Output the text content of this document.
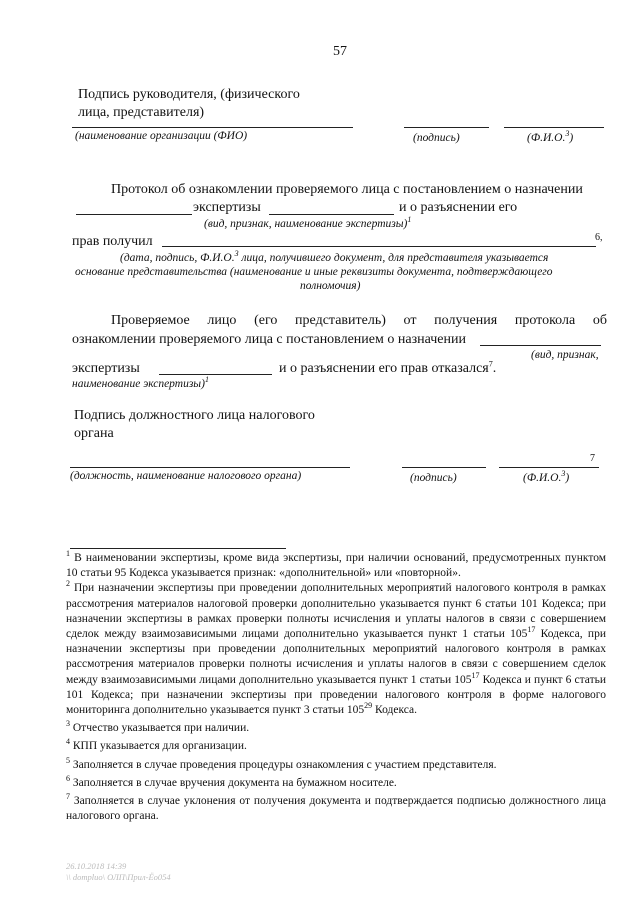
57
Подпись руководителя, (физического
лица, представителя)
(наименование организации (ФИО)	(подпись)	(Ф.И.О.$^3$)
Протокол об ознакомлении проверяемого лица с постановлением о назначении
экспертизы	и о разъяснении его
(вид, признак, наименование экспертизы)$^1$
прав получил	6,
(дата, подпись, Ф.И.О.$^3$ лица, получившего документ, для представителя указывается
основание представительства (наименование и иные реквизиты документа, подтверждающего
полномочия)
Проверяемое лицо (его представитель) от получения протокола об
ознакомлении проверяемого лица с постановлением о назначении
(вид, признак,
экспертизы	и о разъяснении его прав отказался$^7$.
наименование экспертизы)$^1$
Подпись должностного лица налогового
органа
7
(должность, наименование налогового органа)	(подпись)	(Ф.И.О.$^3$)

$^1$ В наименовании экспертизы, кроме вида экспертизы, при наличии оснований, предусмотренных пунктом 10 статьи 95 Кодекса указывается признак: «дополнительной» или «повторной».

$^2$ При назначении экспертизы при проведении дополнительных мероприятий налогового контроля в рамках рассмотрения материалов налоговой проверки дополнительно указывается пункт 6 статьи 101 Кодекса; при назначении экспертизы в рамках проверки полноты исчисления и уплаты налогов в связи с совершением сделок между взаимозависимыми лицами дополнительно указывается пункт 1 статьи $105^{17}$ Кодекса, при назначении экспертизы при проведении дополнительных мероприятий налогового контроля в рамках рассмотрения материалов проверки полноты исчисления и уплаты налогов в связи с совершением сделок между взаимозависимыми лицами дополнительно указывается пункт 1 статьи $105^{17}$ Кодекса и пункт 6 статьи 101 Кодекса; при назначении экспертизы при проведении налогового контроля в форме налогового мониторинга дополнительно указывается пункт 3 статьи $105^{29}$ Кодекса.

$^3$ Отчество указывается при наличии.

$^4$ КПП указывается для организации.

$^5$ Заполняется в случае проведения процедуры ознакомления с участием представителя.

$^6$ Заполняется в случае вручения документа на бумажном носителе.

$^7$ Заполняется в случае уклонения от получения документа и подтверждается подписью должностного лица налогового органа.

26.10.2018 14:39
\\ dompluo\ ОЛП\Прил-Ёо054
